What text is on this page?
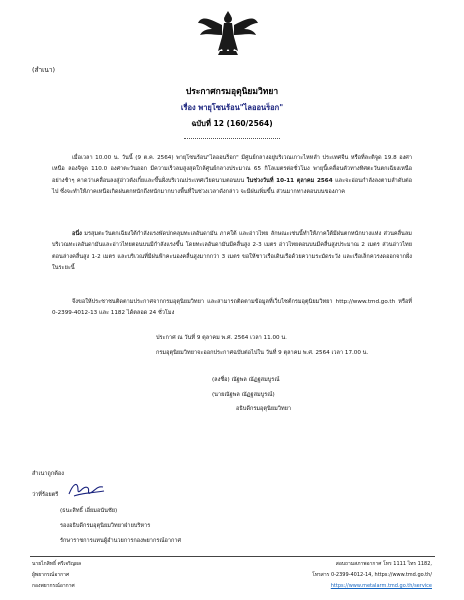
(สำเนา)
ประกาศกรมอุตุนิยมวิทยา
เรื่อง พายุโซนร้อน"ไลออนร็อก"
ฉบับที่ 12 (160/2564)
เมื่อเวลา 10.00 น. วันนี้ (9 ต.ค. 2564) พายุโซนร้อน"ไลออนร็อก" มีศูนย์กลางอยู่บริเวณเกาะไหหลำ ประเทศจีน หรือที่ละติจูด 19.8 องศาเหนือ ลองจิจูด 110.0 องศาตะวันออก มีความเร็วลมสูงสุดใกล้ศูนย์กลางประมาณ 65 กิโลเมตรต่อชั่วโมง พายุนี้เคลื่อนตัวทางทิศตะวันตกเฉียงเหนืออย่างช้าๆ คาดว่าเคลื่อนลงสู่อ่าวตังเกี๋ยและขึ้นฝั่งบริเวณประเทศเวียดนามตอนบน ในช่วงวันที่ 10-11 ตุลาคม 2564 และจะอ่อนกำลังลงตามลำดับต่อไป ซึ่งจะทำให้ภาคเหนือเกิดฝนตกหนักถึงหนักมากบางพื้นที่ในช่วงเวลาดังกล่าว จะมีฝนเพิ่มขึ้น ส่วนมากทางตอนบนของภาค
อนึ่ง มรสุมตะวันตกเฉียงใต้กำลังแรงพัดปกคลุมทะเลอันดามัน ภาคใต้ และอ่าวไทย ลักษณะเช่นนี้ทำให้ภาคใต้มีฝนตกหนักบางแห่ง ส่วนคลื่นลมบริเวณทะเลอันดามันและอ่าวไทยตอนบนมีกำลังแรงขึ้น โดยทะเลอันดามันมีคลื่นสูง 2-3 เมตร อ่าวไทยตอนบนมีคลื่นสูงประมาณ 2 เมตร ส่วนอ่าวไทยตอนล่างคลื่นสูง 1-2 เมตร และบริเวณที่มีฝนฟ้าคะนองคลื่นสูงมากกว่า 3 เมตร ขอให้ชาวเรือเดินเรือด้วยความระมัดระวัง และเรือเล็กควรงดออกจากฝั่งในระยะนี้
จึงขอให้ประชาชนติดตามประกาศจากกรมอุตุนิยมวิทยา และสามารถติดตามข้อมูลที่เว็บไซต์กรมอุตุนิยมวิทยา http://www.tmd.go.th หรือที่ 0-2399-4012-13 และ 1182 ได้ตลอด 24 ชั่วโมง
ประกาศ ณ วันที่ 9 ตุลาคม พ.ศ. 2564 เวลา 11.00 น.
กรมอุตุนิยมวิทยาจะออกประกาศฉบับต่อไปใน วันที่ 9 ตุลาคม พ.ศ. 2564 เวลา 17.00 น.
(ลงชื่อ) ณัฐพล ณัฏฐสมบูรณ์
(นายณัฐพล ณัฏฐสมบูรณ์)
อธิบดีกรมอุตุนิยมวิทยา
สำเนาถูกต้อง
ว่าที่ร้อยตรี
(ธนะสิทธิ์ เอี่ยมอนันชัย)
รองอธิบดีกรมอุตุนิยมวิทยาฝ่ายบริหาร
รักษาราชการแทนผู้อำนวยการกองพยากรณ์อากาศ
นายไกสิทธิ์ ศรีเจริญผล
ผู้พยากรณ์อากาศ
กองพยากรณ์อากาศ
สอบถามสภาพอากาศ โทร 1111 ไทร 1182,
โทรสาร 0-2399-4012-14, https://www.tmd.go.th/
https://www.metalarm.tmd.go.th/service
